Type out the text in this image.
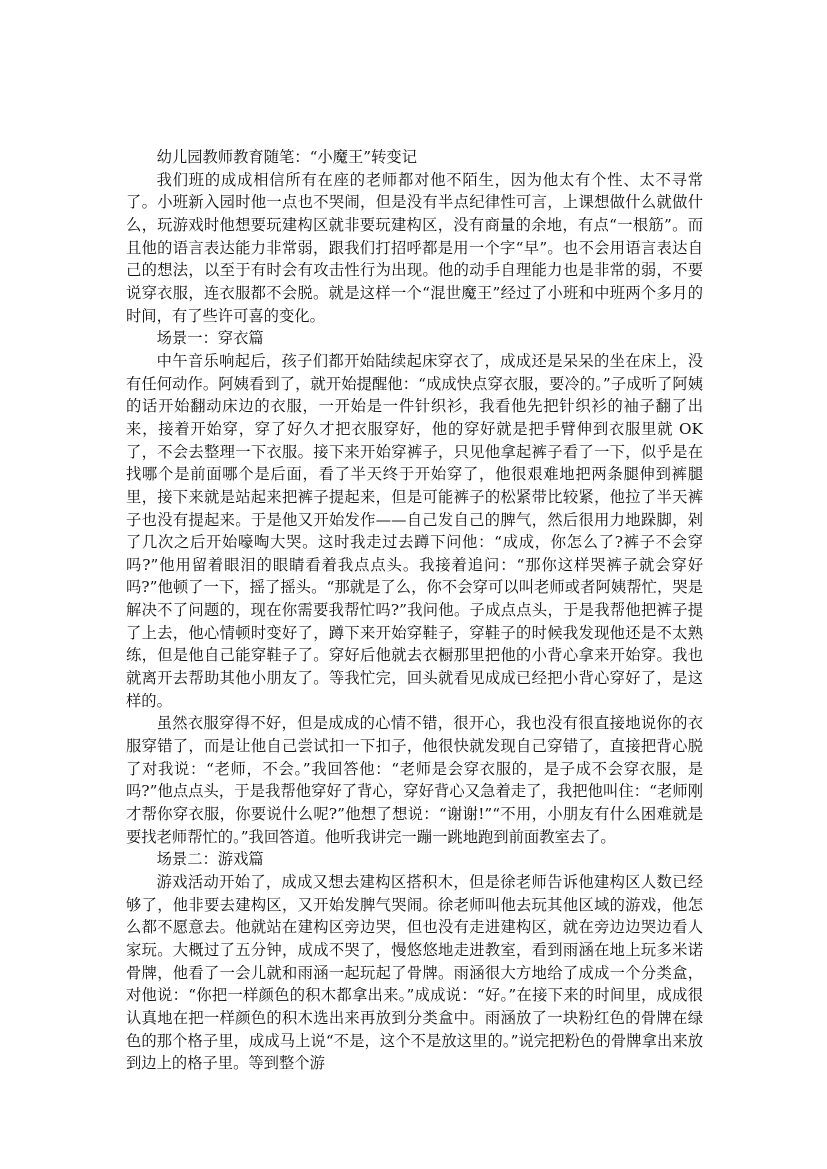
幼儿园教师教育随笔：“小魔王”转变记

我们班的成成相信所有在座的老师都对他不陌生，因为他太有个性、太不寻常了。小班新入园时他一点也不哭闹，但是没有半点纪律性可言，上课想做什么就做什么，玩游戏时他想要玩建构区就非要玩建构区，没有商量的余地，有点“一根筋”。而且他的语言表达能力非常弱，跟我们打招呼都是用一个字“早”。也不会用语言表达自己的想法，以至于有时会有攻击性行为出现。他的动手自理能力也是非常的弱，不要说穿衣服，连衣服都不会脱。就是这样一个“混世魔王”经过了小班和中班两个多月的时间，有了些许可喜的变化。

场景一：穿衣篇

中午音乐响起后，孩子们都开始陆续起床穿衣了，成成还是呆呆的坐在床上，没有任何动作。阿姨看到了，就开始提醒他：“成成快点穿衣服，要冷的。”子成听了阿姨的话开始翻动床边的衣服，一开始是一件针织衫，我看他先把针织衫的袖子翻了出来，接着开始穿，穿了好久才把衣服穿好，他的穿好就是把手臂伸到衣服里就 OK 了，不会去整理一下衣服。接下来开始穿裤子，只见他拿起裤子看了一下，似乎是在找哪个是前面哪个是后面，看了半天终于开始穿了，他很艰难地把两条腿伸到裤腿里，接下来就是站起来把裤子提起来，但是可能裤子的松紧带比较紧，他拉了半天裤子也没有提起来。于是他又开始发作——自己发自己的脾气，然后很用力地跺脚，剁了几次之后开始嚎啕大哭。这时我走过去蹲下问他：“成成，你怎么了?裤子不会穿吗?”他用留着眼泪的眼睛看着我点点头。我接着追问：“那你这样哭裤子就会穿好吗?”他顿了一下，摇了摇头。“那就是了么，你不会穿可以叫老师或者阿姨帮忙，哭是解决不了问题的，现在你需要我帮忙吗?”我问他。子成点点头，于是我帮他把裤子提了上去，他心情顿时变好了，蹲下来开始穿鞋子，穿鞋子的时候我发现他还是不太熟练，但是他自己能穿鞋子了。穿好后他就去衣橱那里把他的小背心拿来开始穿。我也就离开去帮助其他小朋友了。等我忙完，回头就看见成成已经把小背心穿好了，是这样的。

虽然衣服穿得不好，但是成成的心情不错，很开心，我也没有很直接地说你的衣服穿错了，而是让他自己尝试扣一下扣子，他很快就发现自己穿错了，直接把背心脱了对我说：“老师，不会。”我回答他：“老师是会穿衣服的，是子成不会穿衣服，是吗?”他点点头，于是我帮他穿好了背心，穿好背心又急着走了，我把他叫住：“老师刚才帮你穿衣服，你要说什么呢?”他想了想说：“谢谢!”“不用，小朋友有什么困难就是要找老师帮忙的。”我回答道。他听我讲完一蹦一跳地跑到前面教室去了。

场景二：游戏篇

游戏活动开始了，成成又想去建构区搭积木，但是徐老师告诉他建构区人数已经够了，他非要去建构区，又开始发脾气哭闹。徐老师叫他去玩其他区域的游戏，他怎么都不愿意去。他就站在建构区旁边哭，但也没有走进建构区，就在旁边边哭边看人家玩。大概过了五分钟，成成不哭了，慢悠悠地走进教室，看到雨涵在地上玩多米诺骨牌，他看了一会儿就和雨涵一起玩起了骨牌。雨涵很大方地给了成成一个分类盒，对他说：“你把一样颜色的积木都拿出来。”成成说：“好。”在接下来的时间里，成成很认真地在把一样颜色的积木选出来再放到分类盒中。雨涵放了一块粉红色的骨牌在绿色的那个格子里，成成马上说“不是，这个不是放这里的。”说完把粉色的骨牌拿出来放到边上的格子里。等到整个游
